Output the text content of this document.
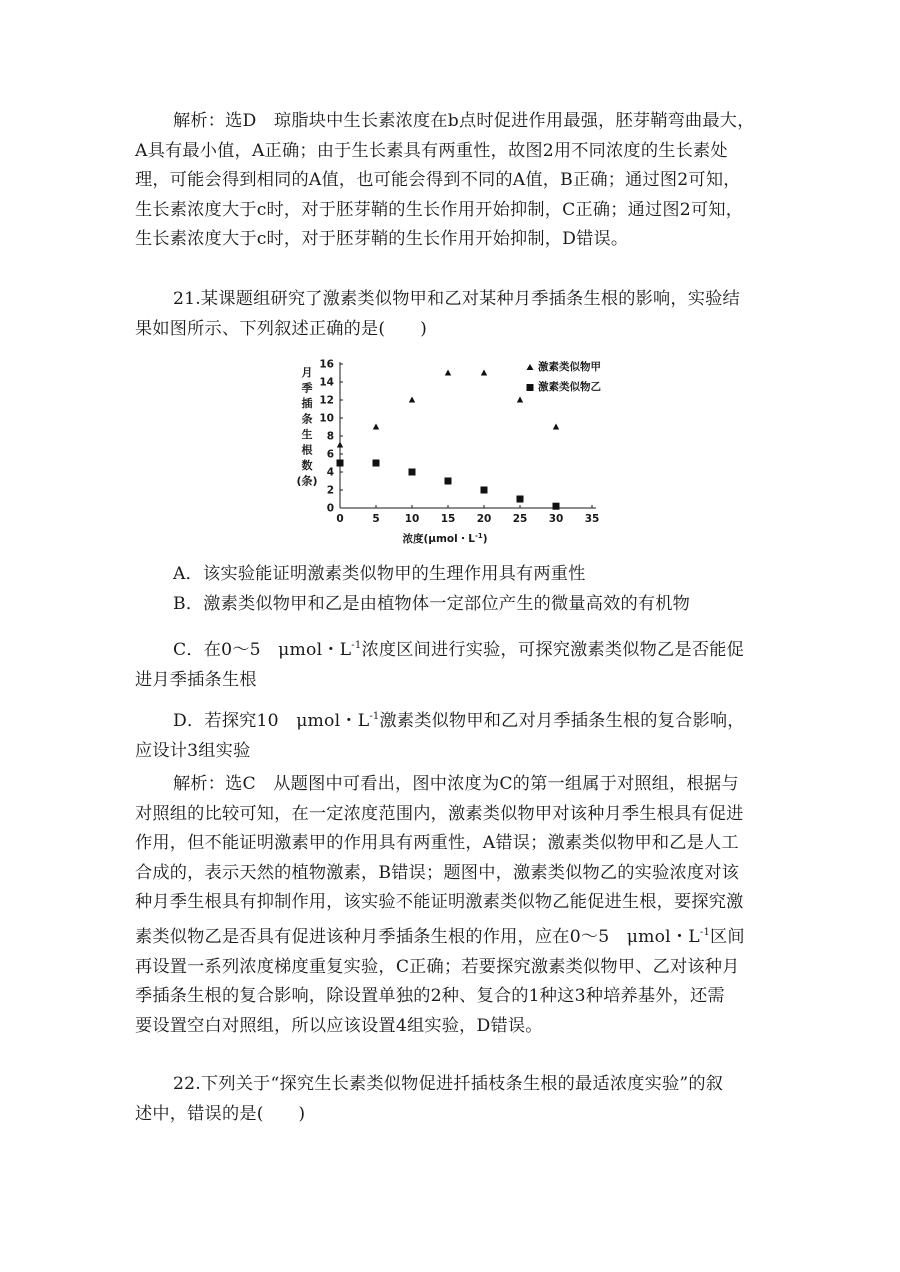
解析：选D　琼脂块中生长素浓度在b点时促进作用最强，胚芽鞘弯曲最大，
A具有最小值，A正确；由于生长素具有两重性，故图2用不同浓度的生长素处
理，可能会得到相同的A值，也可能会得到不同的A值，B正确；通过图2可知，
生长素浓度大于c时，对于胚芽鞘的生长作用开始抑制，C正确；通过图2可知，
生长素浓度大于c时，对于胚芽鞘的生长作用开始抑制，D错误。
21.某课题组研究了激素类似物甲和乙对某种月季插条生根的影响，实验结
果如图所示、下列叙述正确的是(　　)
月
季
插
条
生
根
数
(条)
0
2
4
6
8
10
12
14
16
0	5 10 15 20 25 30 35
激素类似物甲
激素类似物乙
浓度(μmol・$L^{-1}$)
A．该实验能证明激素类似物甲的生理作用具有两重性
B．激素类似物甲和乙是由植物体一定部位产生的微量高效的有机物
C．在0～5　μmol・$L^{-1}$浓度区间进行实验，可探究激素类似物乙是否能促
进月季插条生根
D．若探究10　μmol・$L^{-1}$激素类似物甲和乙对月季插条生根的复合影响，
应设计3组实验
解析：选C　从题图中可看出，图中浓度为C的第一组属于对照组，根据与
对照组的比较可知，在一定浓度范围内，激素类似物甲对该种月季生根具有促进
作用，但不能证明激素甲的作用具有两重性，A错误；激素类似物甲和乙是人工
合成的，表示天然的植物激素，B错误；题图中，激素类似物乙的实验浓度对该
种月季生根具有抑制作用，该实验不能证明激素类似物乙能促进生根，要探究激
素类似物乙是否具有促进该种月季插条生根的作用，应在0～5　μmol・$L^{-1}$区间
再设置一系列浓度梯度重复实验，C正确；若要探究激素类似物甲、乙对该种月
季插条生根的复合影响，除设置单独的2种、复合的1种这3种培养基外，还需
要设置空白对照组，所以应该设置4组实验，D错误。
22.下列关于“探究生长素类似物促进扦插枝条生根的最适浓度实验”的叙
述中，错误的是(　　)
